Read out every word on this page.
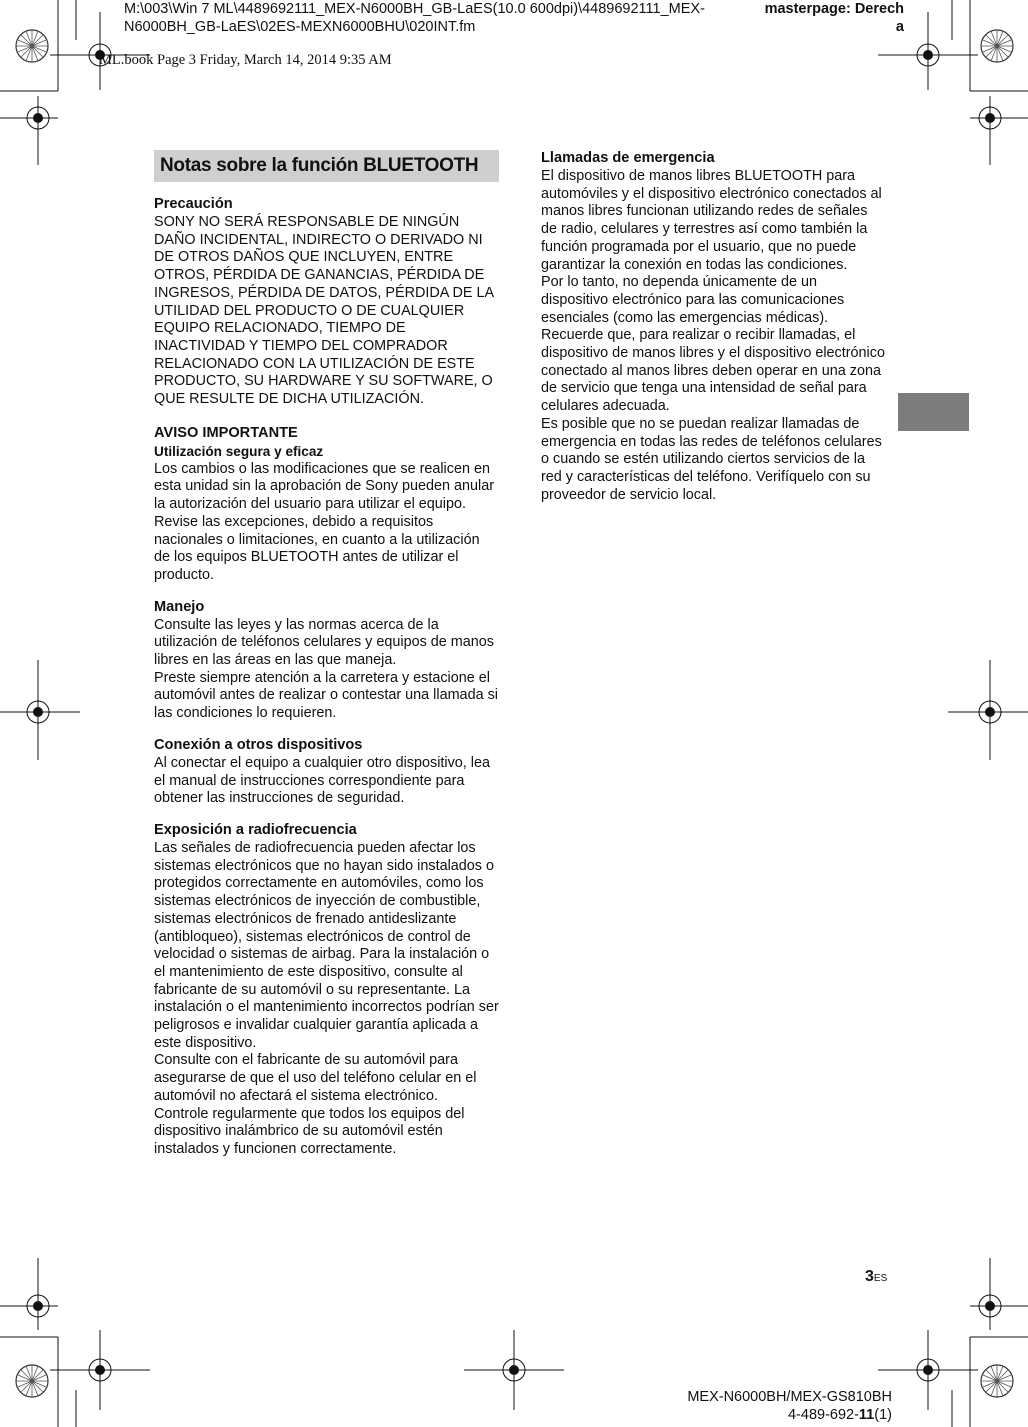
M:\003\Win 7 ML\4489692111_MEX-N6000BH_GB-LaES(10.0 600dpi)\4489692111_MEX-
N6000BH_GB-LaES\02ES-MEXN6000BHU\020INT.fm
masterpage: Derech
a
ML.book Page 3 Friday, March 14, 2014 9:35 AM
Notas sobre la función BLUETOOTH
Precaución

SONY NO SERÁ RESPONSABLE DE NINGÚN DAÑO INCIDENTAL, INDIRECTO O DERIVADO NI DE OTROS DAÑOS QUE INCLUYEN, ENTRE OTROS, PÉRDIDA DE GANANCIAS, PÉRDIDA DE INGRESOS, PÉRDIDA DE DATOS, PÉRDIDA DE LA UTILIDAD DEL PRODUCTO O DE CUALQUIER EQUIPO RELACIONADO, TIEMPO DE INACTIVIDAD Y TIEMPO DEL COMPRADOR RELACIONADO CON LA UTILIZACIÓN DE ESTE PRODUCTO, SU HARDWARE Y SU SOFTWARE, O QUE RESULTE DE DICHA UTILIZACIÓN.

AVISO IMPORTANTE
Utilización segura y eficaz

Los cambios o las modificaciones que se realicen en esta unidad sin la aprobación de Sony pueden anular la autorización del usuario para utilizar el equipo.

Revise las excepciones, debido a requisitos nacionales o limitaciones, en cuanto a la utilización de los equipos BLUETOOTH antes de utilizar el producto.

Manejo

Consulte las leyes y las normas acerca de la utilización de teléfonos celulares y equipos de manos libres en las áreas en las que maneja.

Preste siempre atención a la carretera y estacione el automóvil antes de realizar o contestar una llamada si las condiciones lo requieren.

Conexión a otros dispositivos

Al conectar el equipo a cualquier otro dispositivo, lea el manual de instrucciones correspondiente para obtener las instrucciones de seguridad.

Exposición a radiofrecuencia

Las señales de radiofrecuencia pueden afectar los sistemas electrónicos que no hayan sido instalados o protegidos correctamente en automóviles, como los sistemas electrónicos de inyección de combustible, sistemas electrónicos de frenado antideslizante (antibloqueo), sistemas electrónicos de control de velocidad o sistemas de airbag. Para la instalación o el mantenimiento de este dispositivo, consulte al fabricante de su automóvil o su representante. La instalación o el mantenimiento incorrectos podrían ser peligrosos e invalidar cualquier garantía aplicada a este dispositivo.

Consulte con el fabricante de su automóvil para asegurarse de que el uso del teléfono celular en el automóvil no afectará el sistema electrónico.

Controle regularmente que todos los equipos del dispositivo inalámbrico de su automóvil estén instalados y funcionen correctamente.

Llamadas de emergencia

El dispositivo de manos libres BLUETOOTH para automóviles y el dispositivo electrónico conectados al manos libres funcionan utilizando redes de señales de radio, celulares y terrestres así como también la función programada por el usuario, que no puede garantizar la conexión en todas las condiciones.

Por lo tanto, no dependa únicamente de un dispositivo electrónico para las comunicaciones esenciales (como las emergencias médicas).

Recuerde que, para realizar o recibir llamadas, el dispositivo de manos libres y el dispositivo electrónico conectado al manos libres deben operar en una zona de servicio que tenga una intensidad de señal para celulares adecuada.

Es posible que no se puedan realizar llamadas de emergencia en todas las redes de teléfonos celulares o cuando se estén utilizando ciertos servicios de la red y características del teléfono. Verifíquelo con su proveedor de servicio local.

3ES
MEX-N6000BH/MEX-GS810BH
4-489-692-11(1)
